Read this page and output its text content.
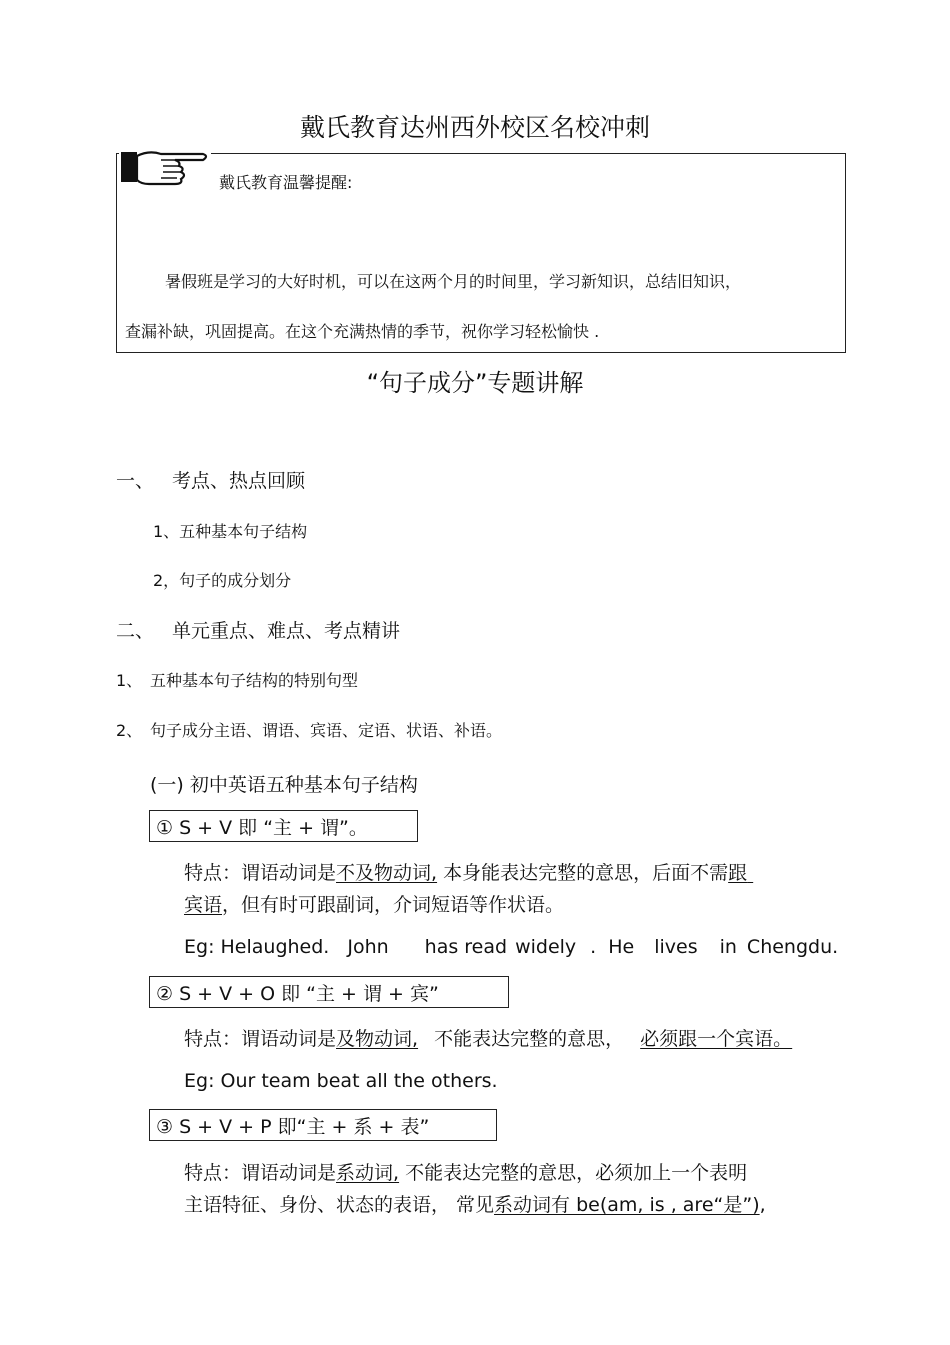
戴氏教育达州西外校区名校冲刺
戴氏教育温馨提醒:
暑假班是学习的大好时机，可以在这两个月的时间里，学习新知识，总结旧知识，
查漏补缺，巩固提高。在这个充满热情的季节，祝你学习轻松愉快 .
“句子成分”专题讲解
一、 考点、热点回顾
1、五种基本句子结构
2，句子的成分划分
二、 单元重点、难点、考点精讲
1、 五种基本句子结构的特别句型
2、 句子成分主语、谓语、宾语、定语、状语、补语。
(一) 初中英语五种基本句子结构
① S + V 即 “主 + 谓”。
特点：谓语动词是不及物动词, 本身能表达完整的意思，后面不需跟
宾语，但有时可跟副词，介词短语等作状语。
Eg: Helaughed. John has read widely . He lives in Chengdu.
② S + V + O 即 “主 + 谓 + 宾”
特点：谓语动词是及物动词, 不能表达完整的意思， 必须跟一个宾语。
Eg: Our team beat all the others.
③ S + V + P 即“主 + 系 + 表”
特点：谓语动词是系动词, 不能表达完整的意思，必须加上一个表明
主语特征、身份、状态的表语， 常见系动词有 be(am, is , are“是”),
